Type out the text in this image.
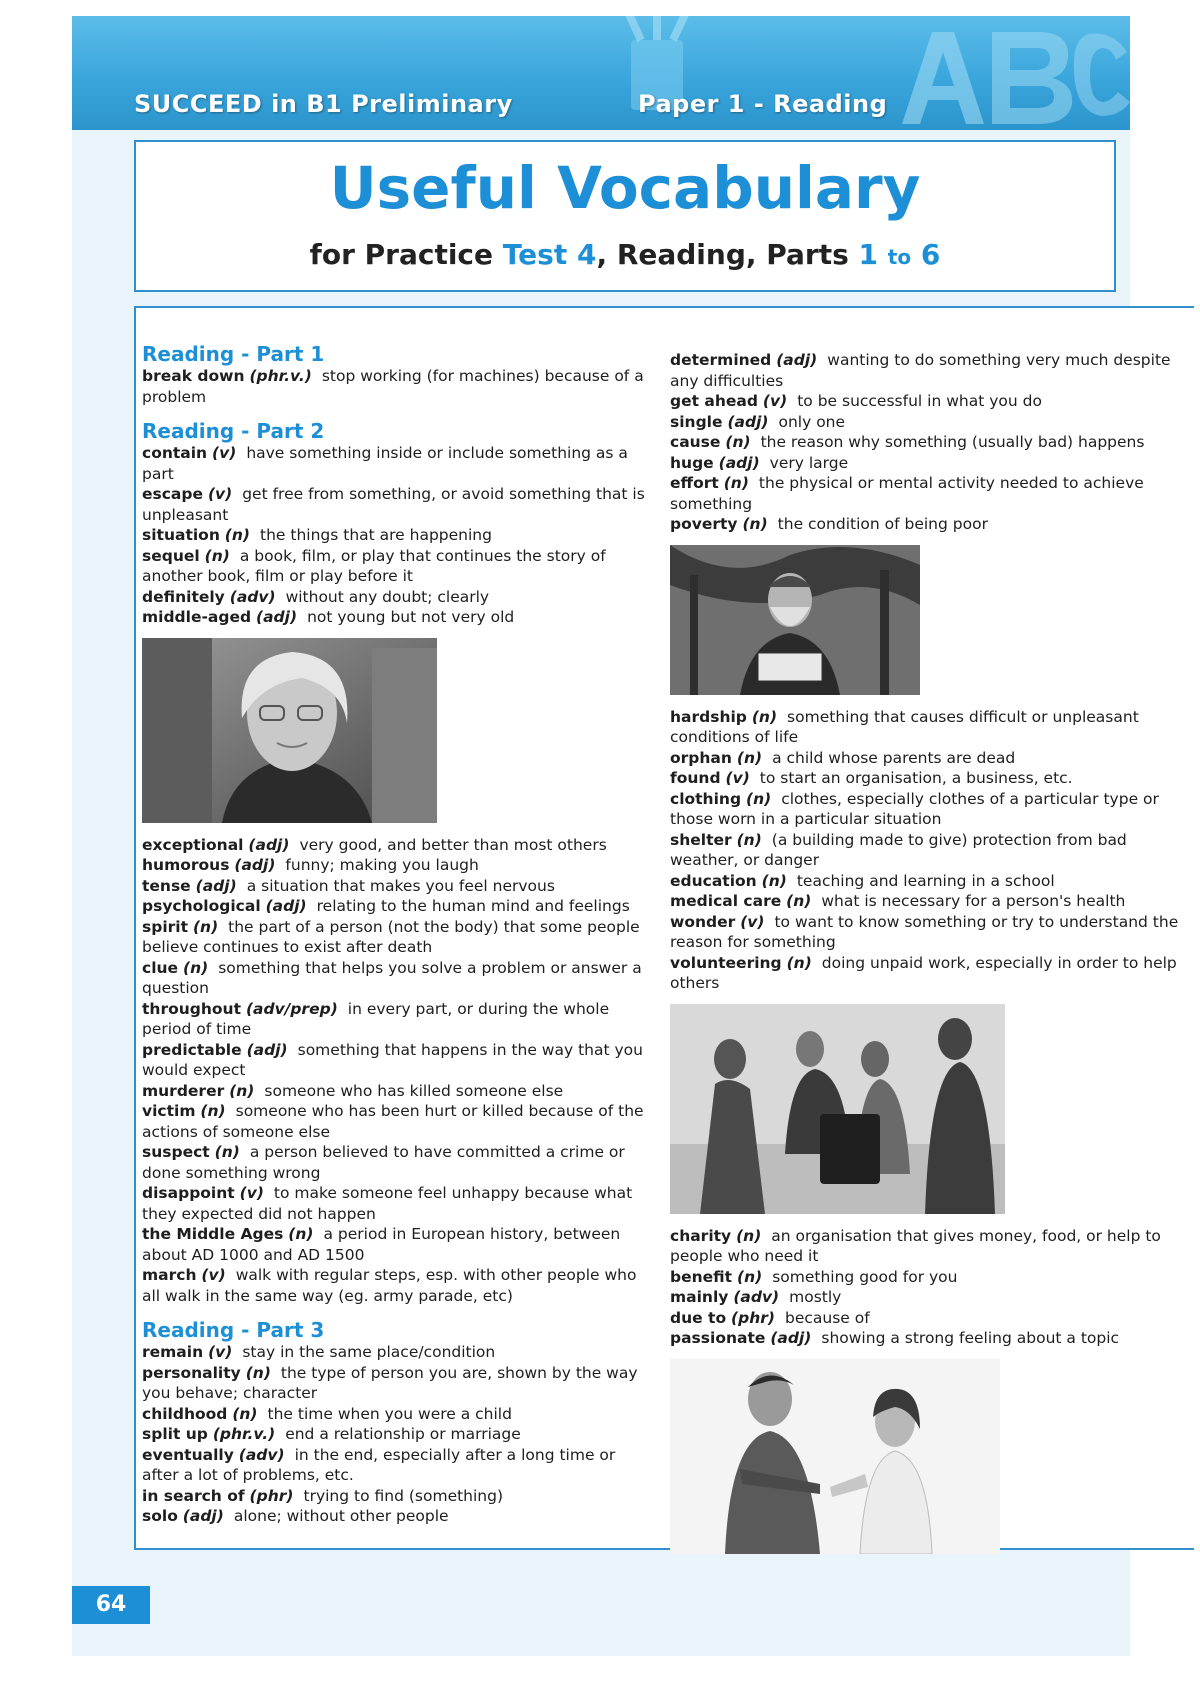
SUCCEED in B1 Preliminary	Paper 1 - Reading
Useful Vocabulary
for Practice Test 4, Reading, Parts 1 to 6
Reading - Part 1
break down (phr.v.) stop working (for machines) because of a problem
Reading - Part 2
contain (v) have something inside or include something as a part
escape (v) get free from something, or avoid something that is unpleasant
situation (n) the things that are happening
sequel (n) a book, film, or play that continues the story of another book, film or play before it
definitely (adv) without any doubt; clearly
middle-aged (adj) not young but not very old
exceptional (adj) very good, and better than most others
humorous (adj) funny; making you laugh
tense (adj) a situation that makes you feel nervous
psychological (adj) relating to the human mind and feelings
spirit (n) the part of a person (not the body) that some people believe continues to exist after death
clue (n) something that helps you solve a problem or answer a question
throughout (adv/prep) in every part, or during the whole period of time
predictable (adj) something that happens in the way that you would expect
murderer (n) someone who has killed someone else
victim (n) someone who has been hurt or killed because of the actions of someone else
suspect (n) a person believed to have committed a crime or done something wrong
disappoint (v) to make someone feel unhappy because what they expected did not happen
the Middle Ages (n) a period in European history, between about AD 1000 and AD 1500
march (v) walk with regular steps, esp. with other people who all walk in the same way (eg. army parade, etc)
Reading - Part 3
remain (v) stay in the same place/condition
personality (n) the type of person you are, shown by the way you behave; character
childhood (n) the time when you were a child
split up (phr.v.) end a relationship or marriage
eventually (adv) in the end, especially after a long time or after a lot of problems, etc.
in search of (phr) trying to find (something)
solo (adj) alone; without other people
determined (adj) wanting to do something very much despite any difficulties
get ahead (v) to be successful in what you do
single (adj) only one
cause (n) the reason why something (usually bad) happens
huge (adj) very large
effort (n) the physical or mental activity needed to achieve something
poverty (n) the condition of being poor
hardship (n) something that causes difficult or unpleasant conditions of life
orphan (n) a child whose parents are dead
found (v) to start an organisation, a business, etc.
clothing (n) clothes, especially clothes of a particular type or those worn in a particular situation
shelter (n) (a building made to give) protection from bad weather, or danger
education (n) teaching and learning in a school
medical care (n) what is necessary for a person's health
wonder (v) to want to know something or try to understand the reason for something
volunteering (n) doing unpaid work, especially in order to help others
charity (n) an organisation that gives money, food, or help to people who need it
benefit (n) something good for you
mainly (adv) mostly
due to (phr) because of
passionate (adj) showing a strong feeling about a topic
64
